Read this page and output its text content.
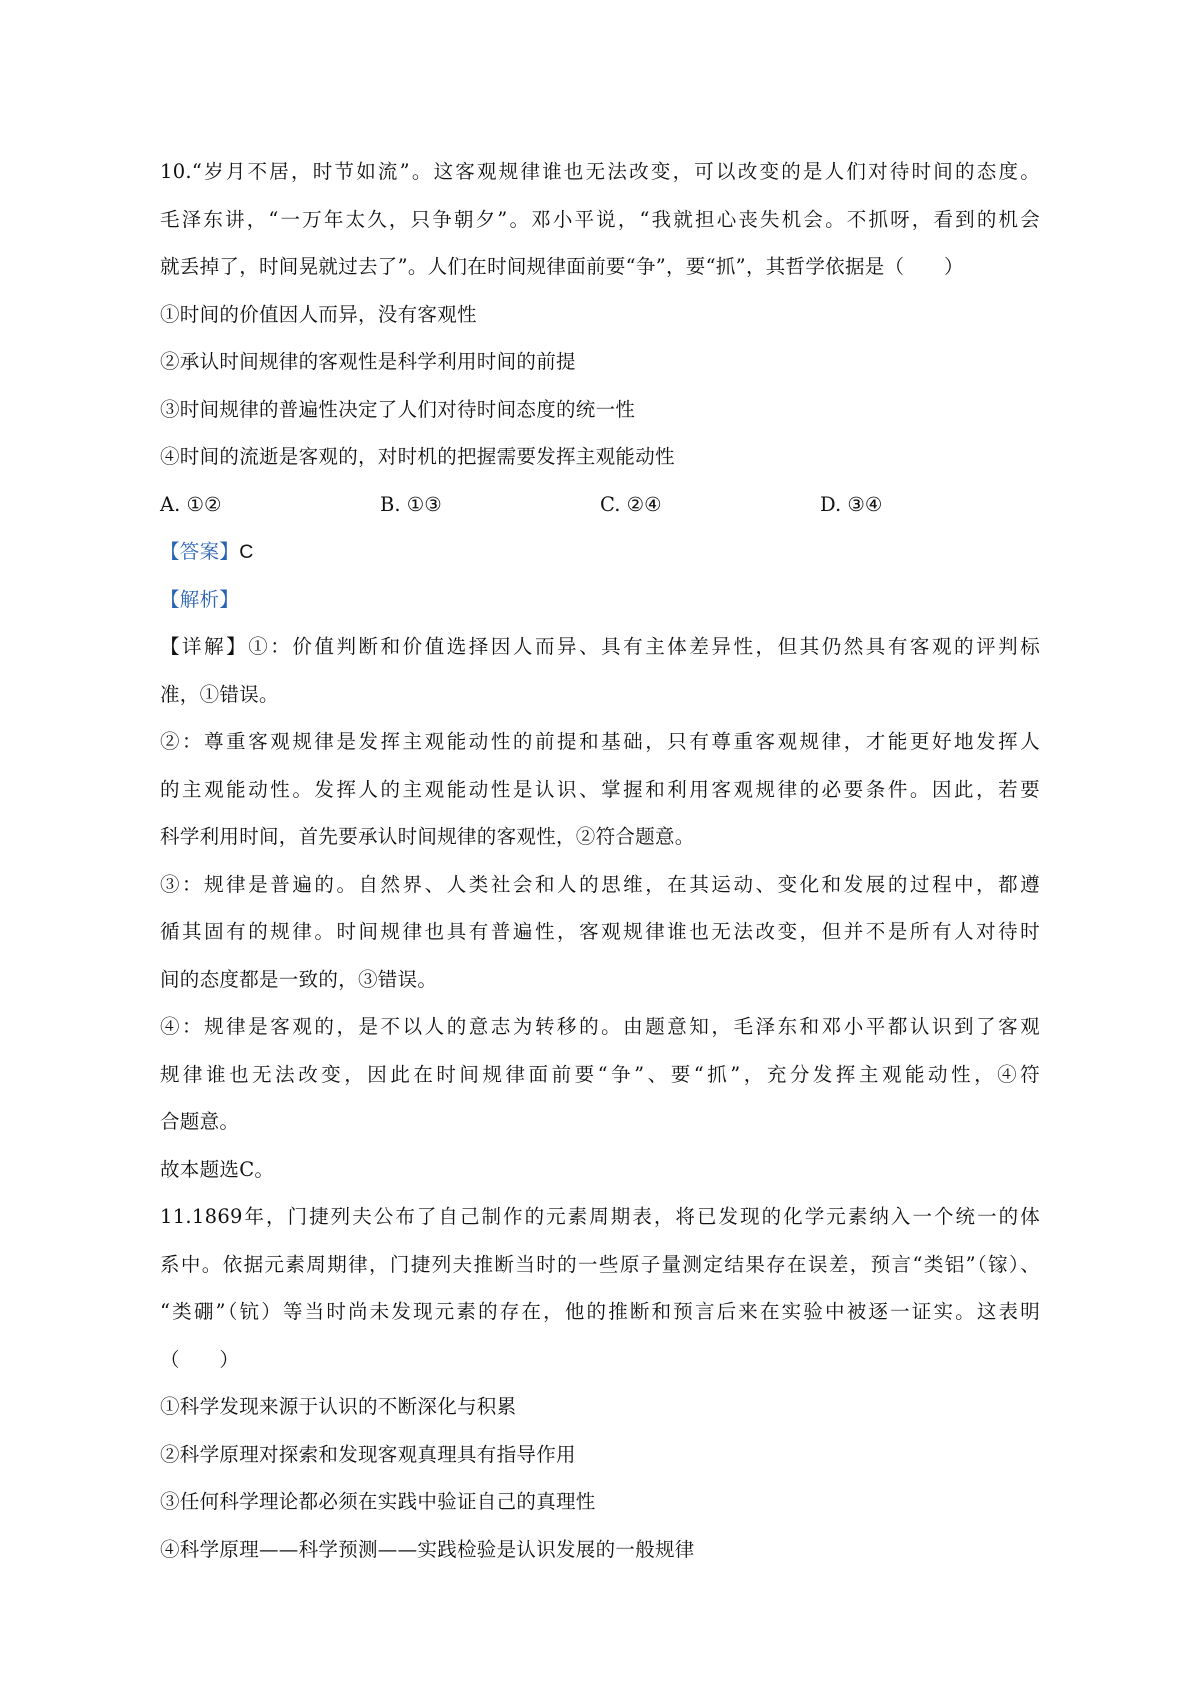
10.“岁月不居，时节如流”。这客观规律谁也无法改变，可以改变的是人们对待时间的态度。
毛泽东讲，“一万年太久，只争朝夕”。邓小平说，“我就担心丧失机会。不抓呀，看到的机会
就丢掉了，时间晃就过去了”。人们在时间规律面前要“争”，要“抓”，其哲学依据是（　　）
①时间的价值因人而异，没有客观性
②承认时间规律的客观性是科学利用时间的前提
③时间规律的普遍性决定了人们对待时间态度的统一性
④时间的流逝是客观的，对时机的把握需要发挥主观能动性
A. ①②	B. ①③	C. ②④	D. ③④
【答案】C
【解析】
【详解】①：价值判断和价值选择因人而异、具有主体差异性，但其仍然具有客观的评判标
准，①错误。
②：尊重客观规律是发挥主观能动性的前提和基础，只有尊重客观规律，才能更好地发挥人
的主观能动性。发挥人的主观能动性是认识、掌握和利用客观规律的必要条件。因此，若要
科学利用时间，首先要承认时间规律的客观性，②符合题意。
③：规律是普遍的。自然界、人类社会和人的思维，在其运动、变化和发展的过程中，都遵
循其固有的规律。时间规律也具有普遍性，客观规律谁也无法改变，但并不是所有人对待时
间的态度都是一致的，③错误。
④：规律是客观的，是不以人的意志为转移的。由题意知，毛泽东和邓小平都认识到了客观
规律谁也无法改变，因此在时间规律面前要“争”、要“抓”，充分发挥主观能动性，④符
合题意。
故本题选C。
11.1869年，门捷列夫公布了自己制作的元素周期表，将已发现的化学元素纳入一个统一的体
系中。依据元素周期律，门捷列夫推断当时的一些原子量测定结果存在误差，预言“类铝”（镓）、
“类硼”（钪）等当时尚未发现元素的存在，他的推断和预言后来在实验中被逐一证实。这表明
（　　）
①科学发现来源于认识的不断深化与积累
②科学原理对探索和发现客观真理具有指导作用
③任何科学理论都必须在实践中验证自己的真理性
④科学原理——科学预测——实践检验是认识发展的一般规律
